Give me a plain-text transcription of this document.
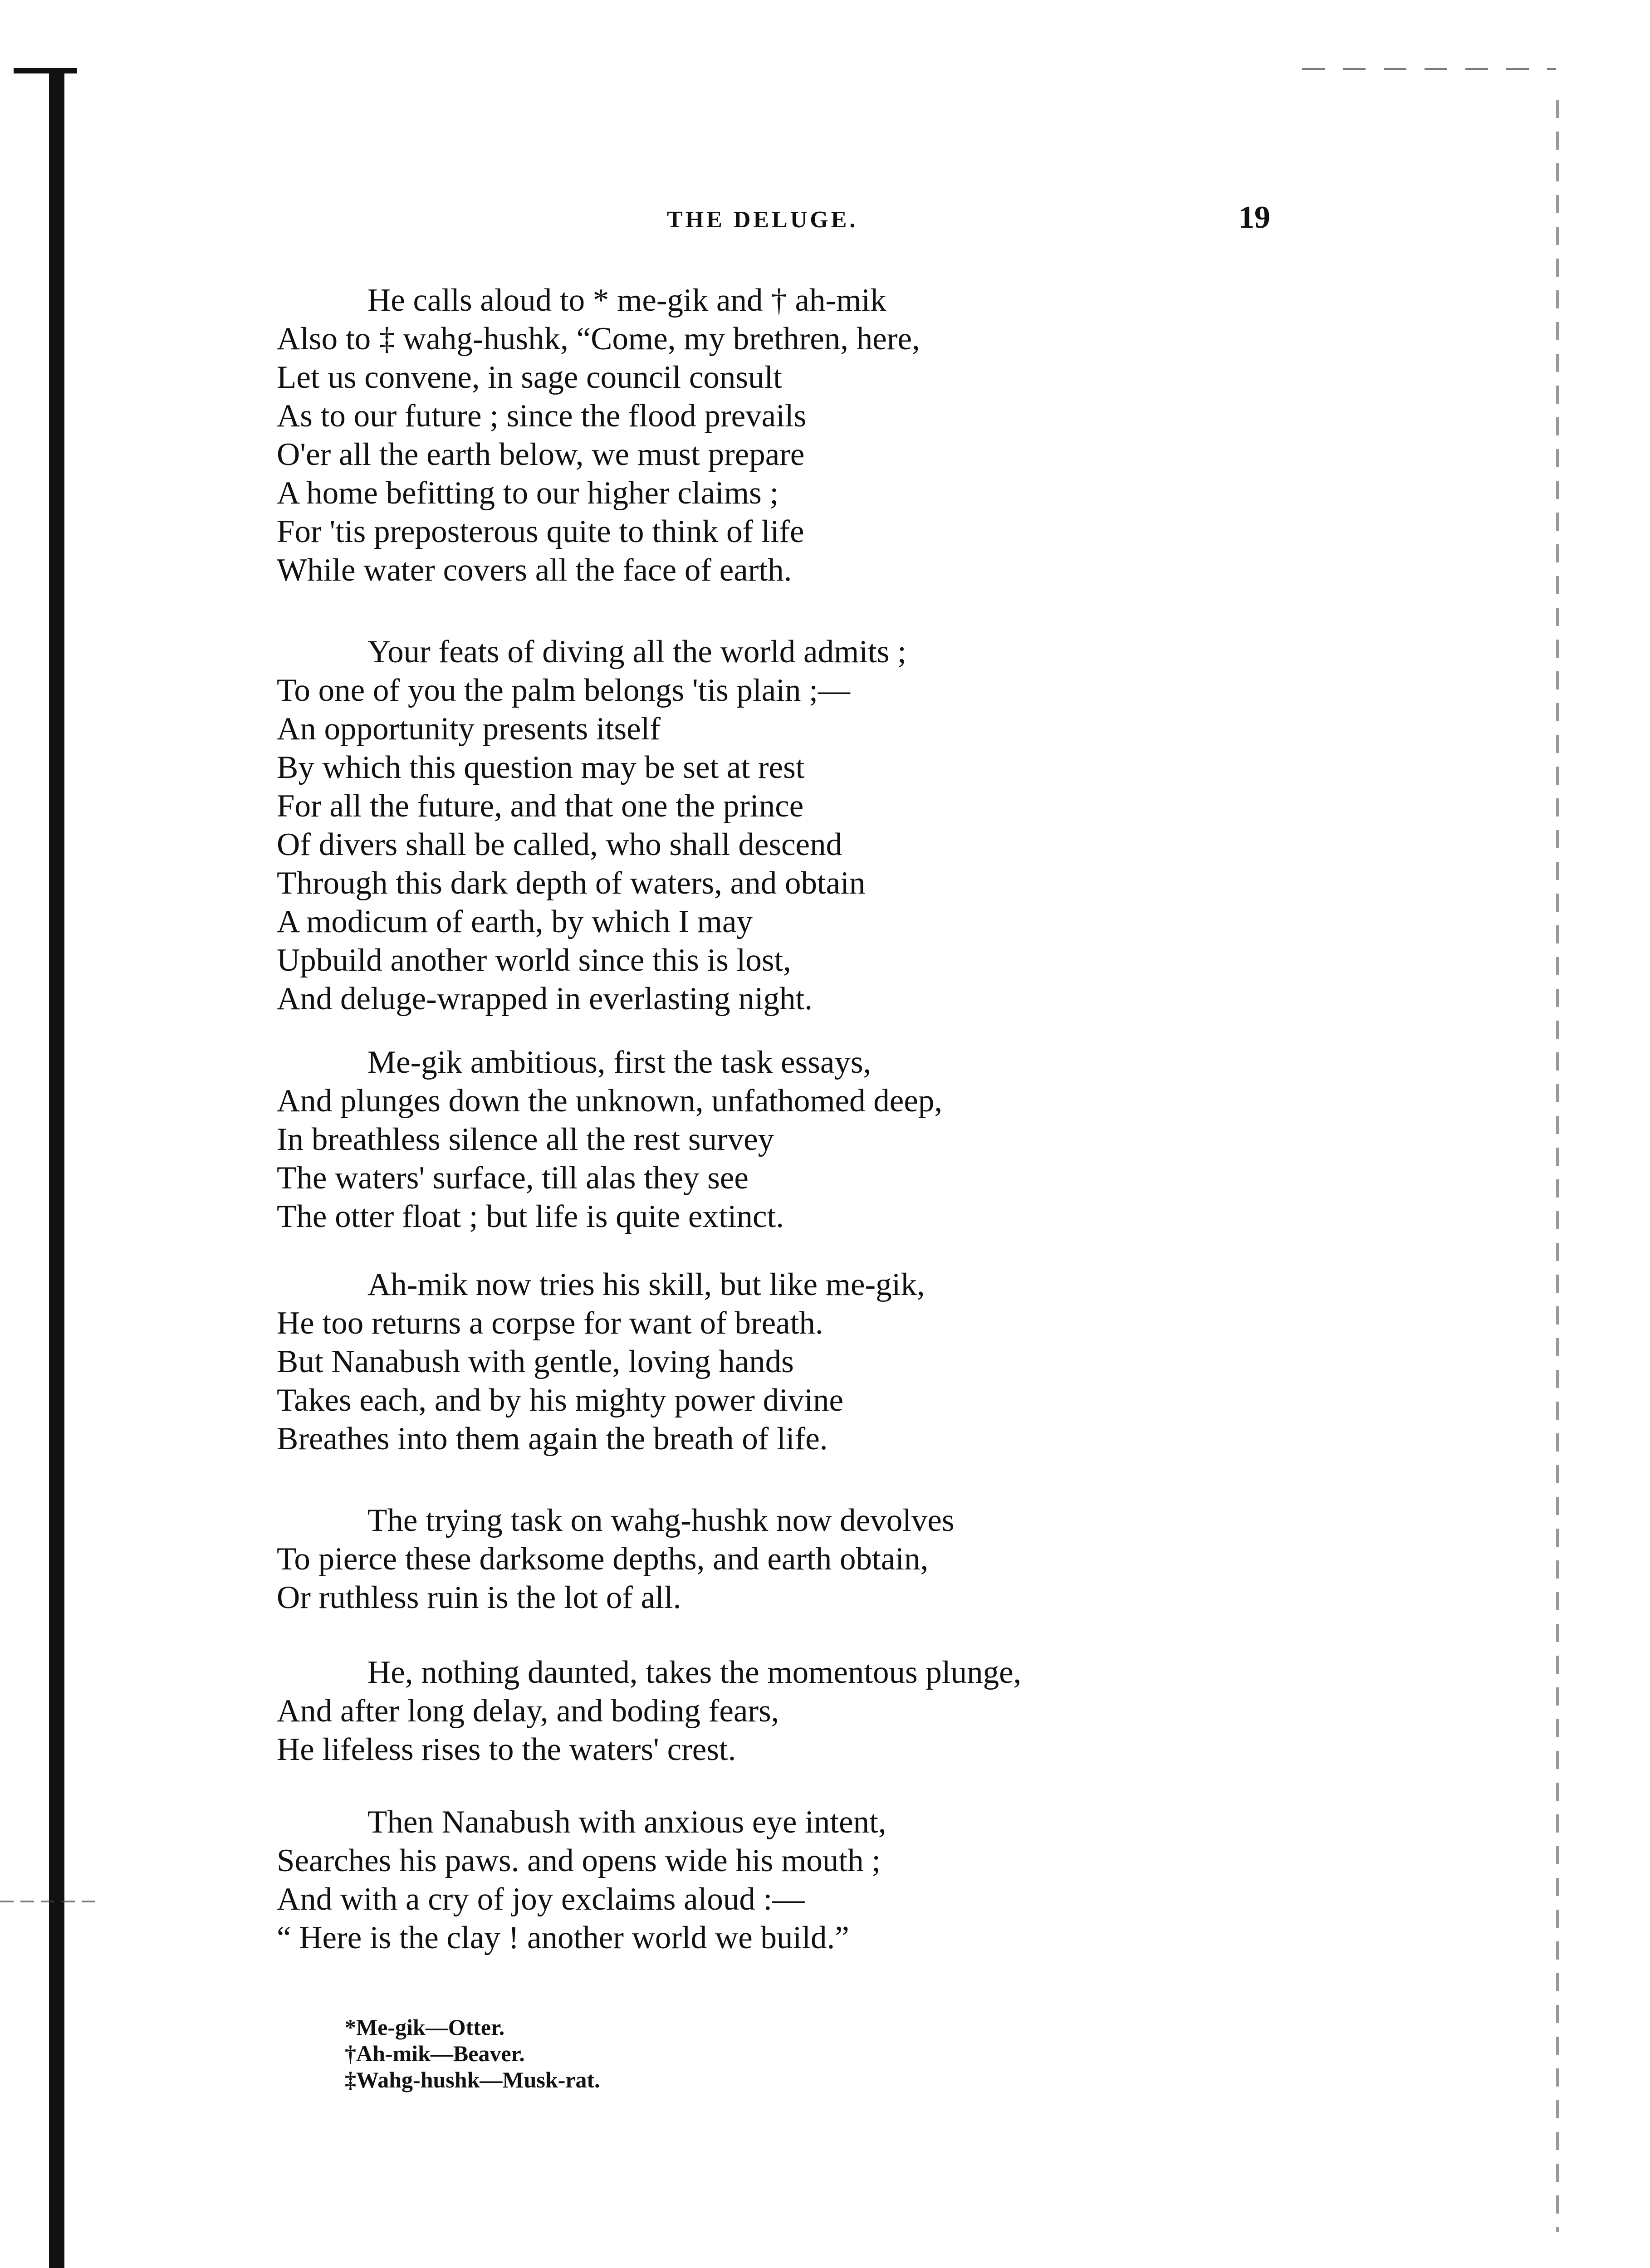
THE DELUGE.	19
He calls aloud to * me-gik and † ah-mik
Also to ‡ wahg-hushk, “Come, my brethren, here,
Let us convene, in sage council consult
As to our future ; since the flood prevails
O'er all the earth below, we must prepare
A home befitting to our higher claims ;
For 'tis preposterous quite to think of life
While water covers all the face of earth.
Your feats of diving all the world admits ;
To one of you the palm belongs 'tis plain ;—
An opportunity presents itself
By which this question may be set at rest
For all the future, and that one the prince
Of divers shall be called, who shall descend
Through this dark depth of waters, and obtain
A modicum of earth, by which I may
Upbuild another world since this is lost,
And deluge-wrapped in everlasting night.
Me-gik ambitious, first the task essays,
And plunges down the unknown, unfathomed deep,
In breathless silence all the rest survey
The waters' surface, till alas they see
The otter float ; but life is quite extinct.
Ah-mik now tries his skill, but like me-gik,
He too returns a corpse for want of breath.
But Nanabush with gentle, loving hands
Takes each, and by his mighty power divine
Breathes into them again the breath of life.
The trying task on wahg-hushk now devolves
To pierce these darksome depths, and earth obtain,
Or ruthless ruin is the lot of all.
He, nothing daunted, takes the momentous plunge,
And after long delay, and boding fears,
He lifeless rises to the waters' crest.
Then Nanabush with anxious eye intent,
Searches his paws. and opens wide his mouth ;
And with a cry of joy exclaims aloud :—
“ Here is the clay ! another world we build.”
*Me-gik—Otter.
†Ah-mik—Beaver.
‡Wahg-hushk—Musk-rat.
